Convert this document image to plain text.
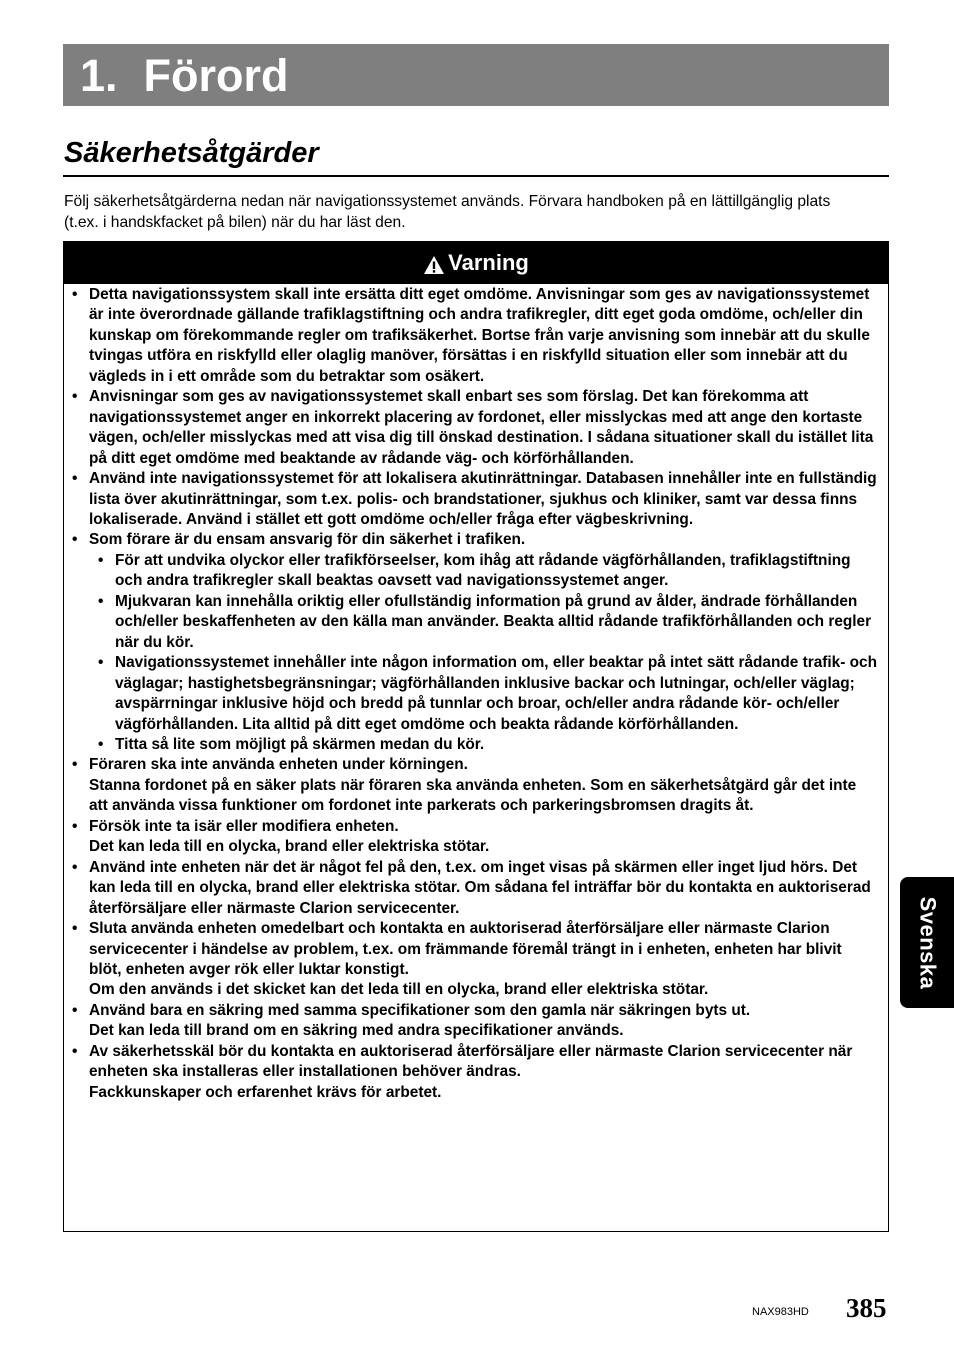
1. Förord
Säkerhetsåtgärder

Följ säkerhetsåtgärderna nedan när navigationssystemet används. Förvara handboken på en lättillgänglig plats (t.ex. i handskfacket på bilen) när du har läst den.

Varning
• Detta navigationssystem skall inte ersätta ditt eget omdöme. Anvisningar som ges av navigationssystemet är inte överordnade gällande trafiklagstiftning och andra trafikregler, ditt eget goda omdöme, och/eller din kunskap om förekommande regler om trafiksäkerhet. Bortse från varje anvisning som innebär att du skulle tvingas utföra en riskfylld eller olaglig manöver, försättas i en riskfylld situation eller som innebär att du vägleds in i ett område som du betraktar som osäkert.
• Anvisningar som ges av navigationssystemet skall enbart ses som förslag. Det kan förekomma att navigationssystemet anger en inkorrekt placering av fordonet, eller misslyckas med att ange den kortaste vägen, och/eller misslyckas med att visa dig till önskad destination. I sådana situationer skall du istället lita på ditt eget omdöme med beaktande av rådande väg- och körförhållanden.
• Använd inte navigationssystemet för att lokalisera akutinrättningar. Databasen innehåller inte en fullständig lista över akutinrättningar, som t.ex. polis- och brandstationer, sjukhus och kliniker, samt var dessa finns lokaliserade. Använd i stället ett gott omdöme och/eller fråga efter vägbeskrivning.
• Som förare är du ensam ansvarig för din säkerhet i trafiken.
• För att undvika olyckor eller trafikförseelser, kom ihåg att rådande vägförhållanden, trafiklagstiftning och andra trafikregler skall beaktas oavsett vad navigationssystemet anger.
• Mjukvaran kan innehålla oriktig eller ofullständig information på grund av ålder, ändrade förhållanden och/eller beskaffenheten av den källa man använder. Beakta alltid rådande trafikförhållanden och regler när du kör.
• Navigationssystemet innehåller inte någon information om, eller beaktar på intet sätt rådande trafik- och väglagar; hastighetsbegränsningar; vägförhållanden inklusive backar och lutningar, och/eller väglag; avspärrningar inklusive höjd och bredd på tunnlar och broar, och/eller andra rådande kör- och/eller vägförhållanden. Lita alltid på ditt eget omdöme och beakta rådande körförhållanden.
• Titta så lite som möjligt på skärmen medan du kör.
• Föraren ska inte använda enheten under körningen.
Stanna fordonet på en säker plats när föraren ska använda enheten. Som en säkerhetsåtgärd går det inte att använda vissa funktioner om fordonet inte parkerats och parkeringsbromsen dragits åt.
• Försök inte ta isär eller modifiera enheten.
Det kan leda till en olycka, brand eller elektriska stötar.
• Använd inte enheten när det är något fel på den, t.ex. om inget visas på skärmen eller inget ljud hörs. Det kan leda till en olycka, brand eller elektriska stötar. Om sådana fel inträffar bör du kontakta en auktoriserad återförsäljare eller närmaste Clarion servicecenter.
• Sluta använda enheten omedelbart och kontakta en auktoriserad återförsäljare eller närmaste Clarion servicecenter i händelse av problem, t.ex. om främmande föremål trängt in i enheten, enheten har blivit blöt, enheten avger rök eller luktar konstigt.
Om den används i det skicket kan det leda till en olycka, brand eller elektriska stötar.
• Använd bara en säkring med samma specifikationer som den gamla när säkringen byts ut.
Det kan leda till brand om en säkring med andra specifikationer används.
• Av säkerhetsskäl bör du kontakta en auktoriserad återförsäljare eller närmaste Clarion servicecenter när enheten ska installeras eller installationen behöver ändras.
Fackkunskaper och erfarenhet krävs för arbetet.
Svenska
NAX983HD 385
